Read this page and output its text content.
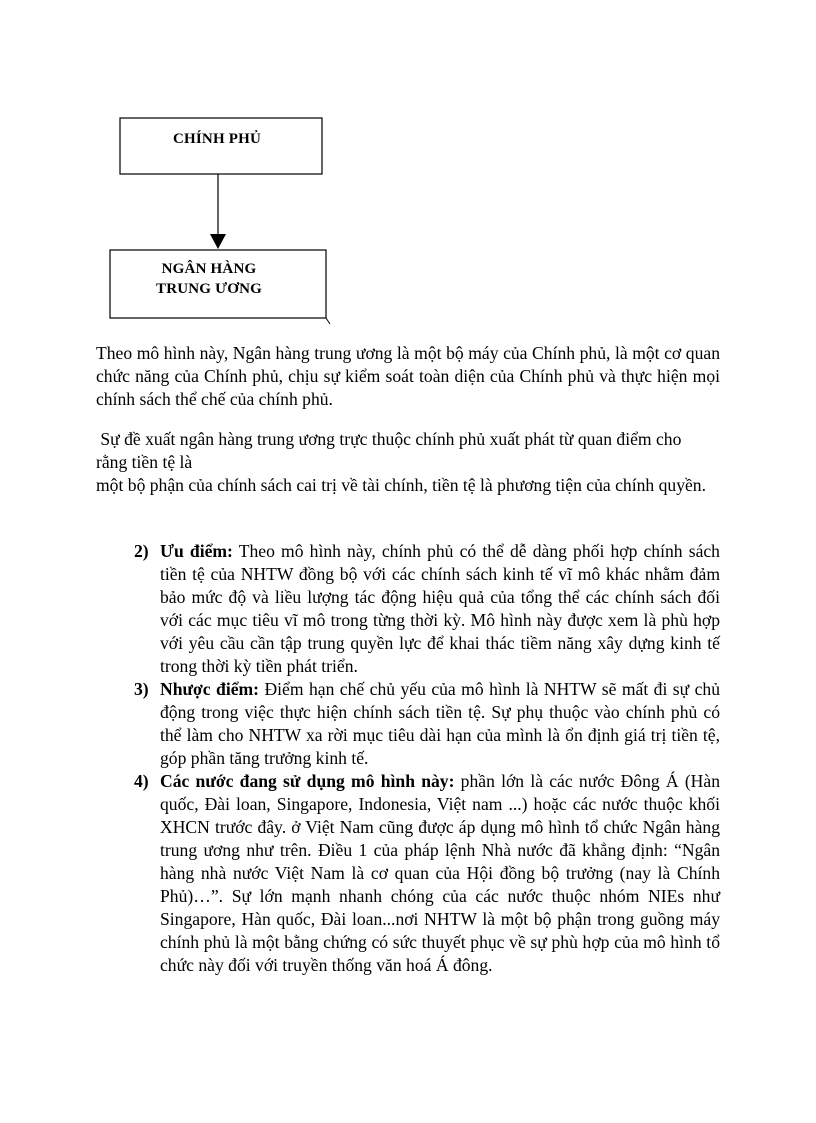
CHÍNH PHỦ
NGÂN HÀNG
TRUNG ƯƠNG

Theo mô hình này, Ngân hàng trung ương là một bộ máy của Chính phủ, là một cơ quan chức năng của Chính phủ, chịu sự kiểm soát toàn diện của Chính phủ và thực hiện mọi chính sách thể chế của chính phủ.

Sự đề xuất ngân hàng trung ương trực thuộc chính phủ xuất phát từ quan điểm cho
rằng tiền tệ là

một bộ phận của chính sách cai trị về tài chính, tiền tệ là phương tiện của chính quyền.

2) Ưu điểm: Theo mô hình này, chính phủ có thể dễ dàng phối hợp chính sách tiền tệ của NHTW đồng bộ với các chính sách kinh tế vĩ mô khác nhằm đảm bảo mức độ và liều lượng tác động hiệu quả của tổng thể các chính sách đối với các mục tiêu vĩ mô trong từng thời kỳ. Mô hình này được xem là phù hợp với yêu cầu cần tập trung quyền lực để khai thác tiềm năng xây dựng kinh tế trong thời kỳ tiền phát triển.
3) Nhược điểm: Điểm hạn chế chủ yếu của mô hình là NHTW sẽ mất đi sự chủ động trong việc thực hiện chính sách tiền tệ. Sự phụ thuộc vào chính phủ có thể làm cho NHTW xa rời mục tiêu dài hạn của mình là ổn định giá trị tiền tệ, góp phần tăng trưởng kinh tế.
4) Các nước đang sử dụng mô hình này: phần lớn là các nước Đông Á (Hàn quốc, Đài loan, Singapore, Indonesia, Việt nam ...) hoặc các nước thuộc khối XHCN trước đây. ở Việt Nam cũng được áp dụng mô hình tổ chức Ngân hàng trung ương như trên. Điều 1 của pháp lệnh Nhà nước đã khẳng định: “Ngân hàng nhà nước Việt Nam là cơ quan của Hội đồng bộ trưởng (nay là Chính Phủ)…”. Sự lớn mạnh nhanh chóng của các nước thuộc nhóm NIEs như Singapore, Hàn quốc, Đài loan...nơi NHTW là một bộ phận trong guồng máy chính phủ là một bằng chứng có sức thuyết phục về sự phù hợp của mô hình tổ chức này đối với truyền thống văn hoá Á đông.
